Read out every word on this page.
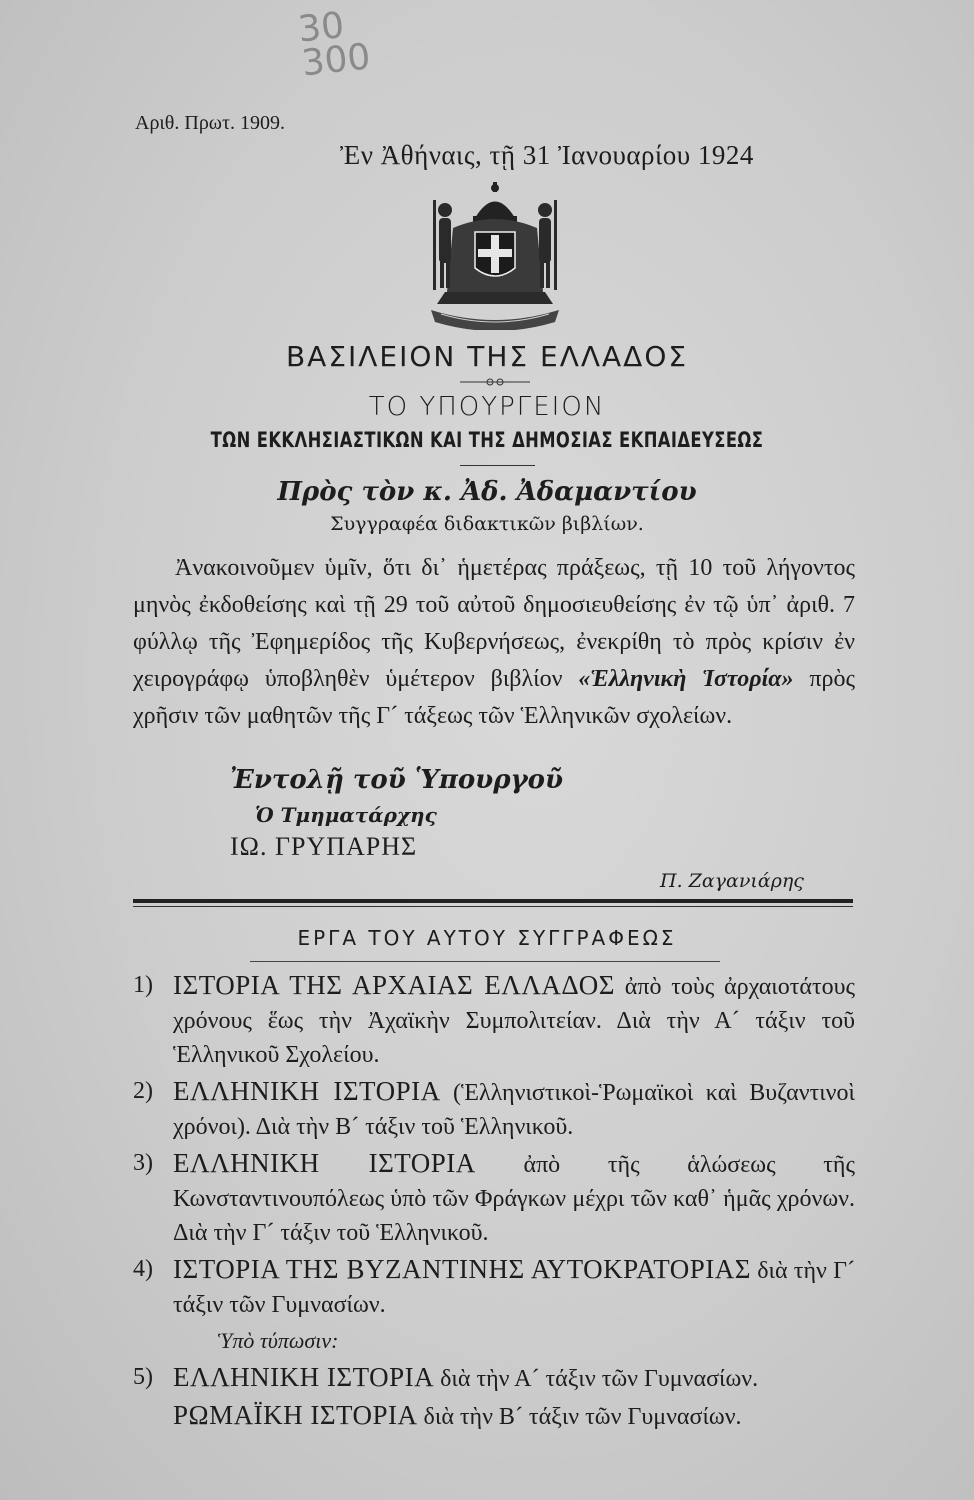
30
300
Αριθ. Πρωτ. 1909.
Ἐν Ἀθήναις, τῇ 31 Ἰανουαρίου 1924
ΒΑΣΙΛΕΙΟΝ ΤΗΣ ΕΛΛΑΔΟΣ
ΤΟ ΥΠΟΥΡΓΕΙΟΝ
ΤΩΝ ΕΚΚΛΗΣΙΑΣΤΙΚΩΝ ΚΑΙ ΤΗΣ ΔΗΜΟΣΙΑΣ ΕΚΠΑΙΔΕΥΣΕΩΣ
Πρὸς τὸν κ. Ἀδ. Ἀδαμαντίου
Συγγραφέα διδακτικῶν βιβλίων.
Ἀνακοινοῦμεν ὑμῖν, ὅτι δι᾽ ἡμετέρας πράξεως, τῇ 10 τοῦ λήγοντος μηνὸς ἐκδοθείσης καὶ τῇ 29 τοῦ αὐτοῦ δημοσιευθείσης ἐν τῷ ὑπ᾽ ἀριθ. 7 φύλλῳ τῆς Ἐφημερίδος τῆς Κυβερνήσεως, ἐνεκρίθη τὸ πρὸς κρίσιν ἐν χειρογράφῳ ὑποβληθὲν ὑμέτερον βιβλίον «Ἑλληνικὴ Ἱστορία» πρὸς χρῆσιν τῶν μαθητῶν τῆς Γ´ τάξεως τῶν Ἑλληνικῶν σχολείων.
Ἐντολῇ τοῦ Ὑπουργοῦ
Ὁ Τμηματάρχης
ΙΩ. ΓΡΥΠΑΡΗΣ
Π. Ζαγανιάρης
ΕΡΓΑ ΤΟΥ ΑΥΤΟΥ ΣΥΓΓΡΑΦΕΩΣ
1) ΙΣΤΟΡΙΑ ΤΗΣ ΑΡΧΑΙΑΣ ΕΛΛΑΔΟΣ ἀπὸ τοὺς ἀρχαιοτάτους χρόνους ἕως τὴν Ἀχαϊκὴν Συμπολιτείαν. Διὰ τὴν Α´ τάξιν τοῦ Ἑλληνικοῦ Σχολείου.
2) ΕΛΛΗΝΙΚΗ ΙΣΤΟΡΙΑ (Ἑλληνιστικοὶ-Ῥωμαϊκοὶ καὶ Βυζαντινοὶ χρόνοι). Διὰ τὴν Β´ τάξιν τοῦ Ἑλληνικοῦ.
3) ΕΛΛΗΝΙΚΗ ΙΣΤΟΡΙΑ ἀπὸ τῆς ἁλώσεως τῆς Κωνσταντινουπόλεως ὑπὸ τῶν Φράγκων μέχρι τῶν καθ᾽ ἡμᾶς χρόνων. Διὰ τὴν Γ´ τάξιν τοῦ Ἑλληνικοῦ.
4) ΙΣΤΟΡΙΑ ΤΗΣ ΒΥΖΑΝΤΙΝΗΣ ΑΥΤΟΚΡΑΤΟΡΙΑΣ διὰ τὴν Γ´ τάξιν τῶν Γυμνασίων.
Ὑπὸ τύπωσιν:
5) ΕΛΛΗΝΙΚΗ ΙΣΤΟΡΙΑ διὰ τὴν Α´ τάξιν τῶν Γυμνασίων.
ΡΩΜΑΪΚΗ ΙΣΤΟΡΙΑ διὰ τὴν Β´ τάξιν τῶν Γυμνασίων.
